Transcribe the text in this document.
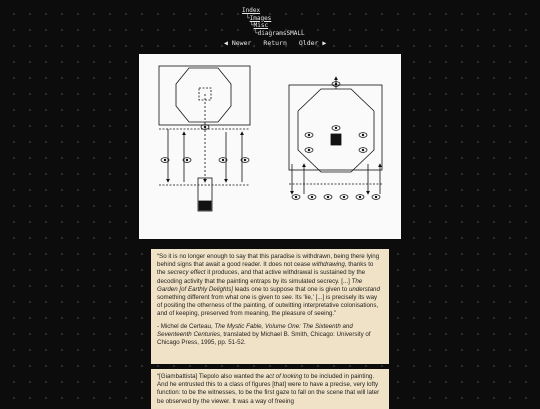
Index
└Images
└Misc
└diagramsSMALL
◀ Newer Return Older ▶

“So it is no longer enough to say that this paradise is withdrawn, being there lying behind signs that await a good reader. It does not cease withdrawing, thanks to the secrecy effect it produces, and that active withdrawal is sustained by the decoding activity that the painting entraps by its simulated secrecy. [...] The Garden [of Earthly Delights] leads one to suppose that one is given to understand something different from what one is given to see. Its ‘lie,’ [...] is precisely its way of positing the otherness of the painting, of outwitting interpretative colonisations, and of keeping, preserved from meaning, the pleasure of seeing.”

- Michel de Certeau, The Mystic Fable, Volume One: The Sixteenth and Seventeenth Centuries, translated by Michael B. Smith, Chicago: University of Chicago Press, 1995, pp. 51-52.

“[Giambattista] Tiepolo also wanted the act of looking to be included in painting. And he entrusted this to a class of figures [that] were to have a precise, very lofty function: to be the witnesses, to be the first gaze to fall on the scene that will later be observed by the viewer. It was a way of freeing
